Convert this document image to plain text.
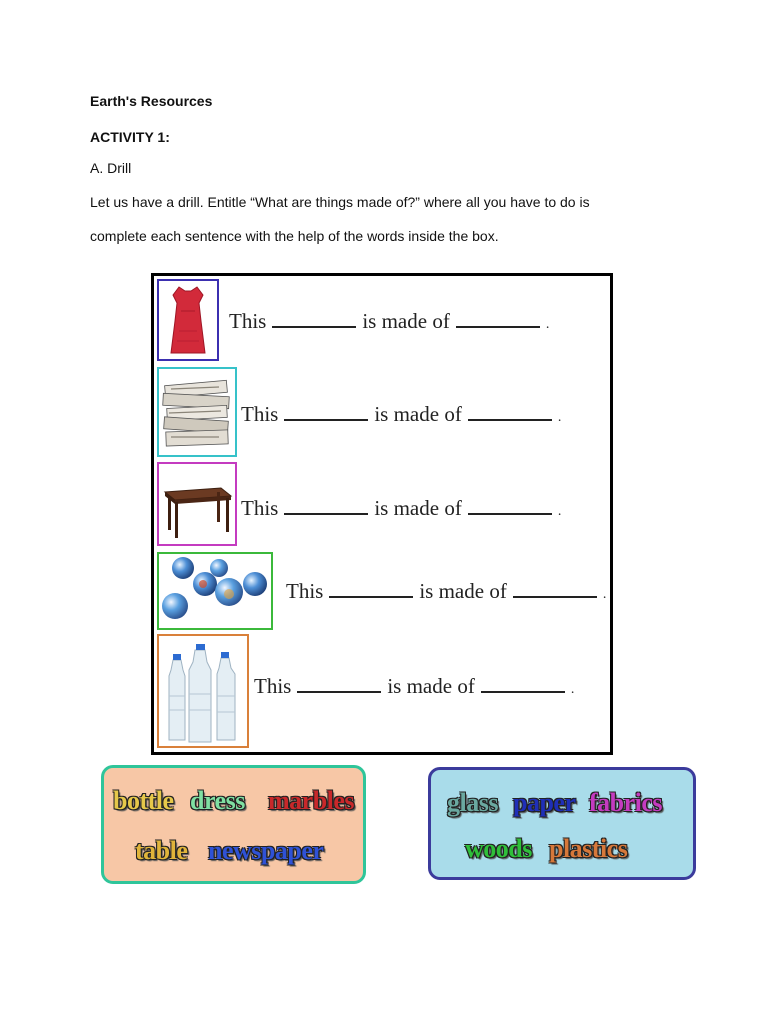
Earth's Resources
ACTIVITY 1:
A. Drill
Let us have a drill. Entitle “What are things made of?” where all you have to do is
complete each sentence with the help of the words inside the box.
This	is made of	.
This	is made of	.
This	is made of	.
This	is made of	.
This	is made of	.
bottle dress marbles
table newspaper
glass paper fabrics
woods plastics
